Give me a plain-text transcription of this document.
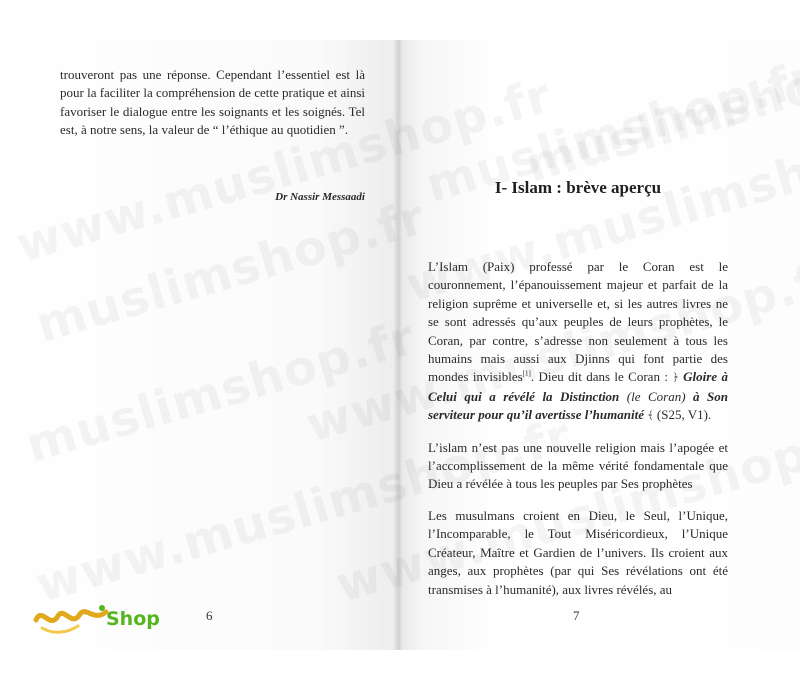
trouveront pas une réponse. Cependant l’essentiel est là pour la faciliter la compréhension de cette pratique et ainsi favoriser le dialogue entre les soignants et les soignés. Tel est, à notre sens, la valeur de “ l’éthique au quotidien ”.
Dr Nassir Messaadi
6
I- Islam : brève aperçu

L’Islam (Paix) professé par le Coran est le couronnement, l’épanouissement majeur et parfait de la religion suprême et universelle et, si les autres livres ne se sont adressés qu’aux peuples de leurs prophètes, le Coran, par contre, s’adresse non seulement à tous les humains mais aussi aux Djinns qui font partie des mondes invisibles[1]. Dieu dit dans le Coran : ﴿ Gloire à Celui qui a révélé la Distinction (le Coran) à Son serviteur pour qu’il avertisse l’humanité ﴾ (S25, V1).

L’islam n’est pas une nouvelle religion mais l’apogée et l’accomplissement de la même vérité fondamentale que Dieu a révélée à tous les peuples par Ses prophètes

Les musulmans croient en Dieu, le Seul, l’Unique, l’Incomparable, le Tout Miséricordieux, l’Unique Créateur, Maître et Gardien de l’univers. Ils croient aux anges, aux prophètes (par qui Ses révélations ont été transmises à l’humanité), aux livres révélés, au

7
Shop
